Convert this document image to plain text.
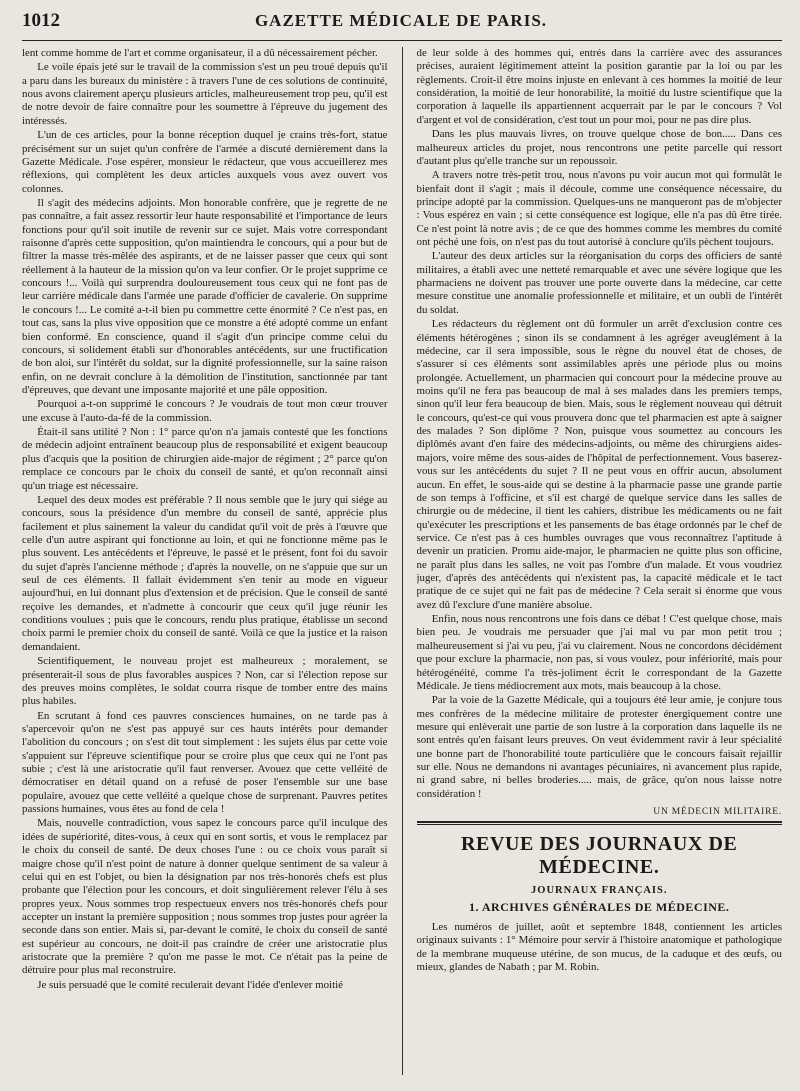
1012	GAZETTE MÉDICALE DE PARIS.

lent comme homme de l'art et comme organisateur, il a dû nécessairement pécher.

Le voile épais jeté sur le travail de la commission s'est un peu troué depuis qu'il a paru dans les bureaux du ministère : à travers l'une de ces solutions de continuité, nous avons clairement aperçu plusieurs articles, malheureusement trop peu, qu'il est de notre devoir de faire connaître pour les soumettre à l'épreuve du jugement des intéressés.

L'un de ces articles, pour la bonne réception duquel je crains très-fort, statue précisément sur un sujet qu'un confrère de l'armée a discuté dernièrement dans la Gazette Médicale. J'ose espérer, monsieur le rédacteur, que vous accueillerez mes réflexions, qui complètent les deux articles auxquels vous avez ouvert vos colonnes.

Il s'agit des médecins adjoints. Mon honorable confrère, que je regrette de ne pas connaître, a fait assez ressortir leur haute responsabilité et l'importance de leurs fonctions pour qu'il soit inutile de revenir sur ce sujet. Mais votre correspondant raisonne d'après cette supposition, qu'on maintiendra le concours, qui a pour but de filtrer la masse très-mêlée des aspirants, et de ne laisser passer que ceux qui sont réellement à la hauteur de la mission qu'on va leur confier. Or le projet supprime ce concours !... Voilà qui surprendra douloureusement tous ceux qui ne font pas de leur carrière médicale dans l'armée une parade d'officier de cavalerie. On supprime le concours !... Le comité a-t-il bien pu commettre cette énormité ? Ce n'est pas, en tout cas, sans la plus vive opposition que ce monstre a été adopté comme un enfant bien conformé. En conscience, quand il s'agit d'un principe comme celui du concours, si solidement établi sur d'honorables antécédents, sur une fructification de bon aloi, sur l'intérêt du soldat, sur la dignité professionnelle, sur la saine raison enfin, on ne devrait conclure à la démolition de l'institution, sanctionnée par tant d'épreuves, que devant une imposante majorité et une pâle opposition.

Pourquoi a-t-on supprimé le concours ? Je voudrais de tout mon cœur trouver une excuse à l'auto-da-fé de la commission.

Était-il sans utilité ? Non : 1° parce qu'on n'a jamais contesté que les fonctions de médecin adjoint entraînent beaucoup plus de responsabilité et exigent beaucoup plus d'acquis que la position de chirurgien aide-major de régiment ; 2° parce qu'on remplace ce concours par le choix du conseil de santé, et qu'on reconnaît ainsi qu'un triage est nécessaire.

Lequel des deux modes est préférable ? Il nous semble que le jury qui siége au concours, sous la présidence d'un membre du conseil de santé, apprécie plus facilement et plus sainement la valeur du candidat qu'il voit de près à l'œuvre que celle d'un autre aspirant qui fonctionne au loin, et qui ne fonctionne même pas le plus souvent. Les antécédents et l'épreuve, le passé et le présent, font foi du savoir du sujet d'après l'ancienne méthode ; d'après la nouvelle, on ne s'appuie que sur un seul de ces éléments. Il fallait évidemment s'en tenir au mode en vigueur aujourd'hui, en lui donnant plus d'extension et de précision. Que le conseil de santé reçoive les demandes, et n'admette à concourir que ceux qu'il juge réunir les conditions voulues ; puis que le concours, rendu plus pratique, établisse un second choix parmi le premier choix du conseil de santé. Voilà ce que la justice et la raison demandaient.

Scientifiquement, le nouveau projet est malheureux ; moralement, se présenterait-il sous de plus favorables auspices ? Non, car si l'élection repose sur des preuves moins complètes, le soldat courra risque de tomber entre des mains plus habiles.

En scrutant à fond ces pauvres consciences humaines, on ne tarde pas à s'apercevoir qu'on ne s'est pas appuyé sur ces hauts intérêts pour demander l'abolition du concours ; on s'est dit tout simplement : les sujets élus par cette voie s'appuient sur l'épreuve scientifique pour se croire plus que ceux qui ne l'ont pas subie ; c'est là une aristocratie qu'il faut renverser. Avouez que cette velléité de démocratiser en détail quand on a refusé de poser l'ensemble sur une base populaire, avouez que cette velléité a quelque chose de surprenant. Pauvres petites passions humaines, vous êtes au fond de cela !

Mais, nouvelle contradiction, vous sapez le concours parce qu'il inculque des idées de supériorité, dites-vous, à ceux qui en sont sortis, et vous le remplacez par le choix du conseil de santé. De deux choses l'une : ou ce choix vous paraît si maigre chose qu'il n'est point de nature à donner quelque sentiment de sa valeur à celui qui en est l'objet, ou bien la désignation par nos très-honorés chefs est plus probante que l'élection pour les concours, et doit singulièrement relever l'élu à ses propres yeux. Nous sommes trop respectueux envers nos très-honorés chefs pour accepter un instant la première supposition ; nous sommes trop justes pour agréer la seconde dans son entier. Mais si, par-devant le comité, le choix du conseil de santé est supérieur au concours, ne doit-il pas craindre de créer une aristocratie plus aristocrate que la première ? qu'on me passe le mot. Ce n'était pas la peine de détruire pour plus mal reconstruire.

Je suis persuadé que le comité reculerait devant l'idée d'enlever moitié

de leur solde à des hommes qui, entrés dans la carrière avec des assurances précises, auraient légitimement atteint la position garantie par la loi ou par les règlements. Croit-il être moins injuste en enlevant à ces hommes la moitié de leur considération, la moitié de leur honorabilité, la moitié du lustre scientifique que la corporation à laquelle ils appartiennent acquerrait par le par le concours ? Vol d'argent et vol de considération, c'est tout un pour moi, pour ne pas dire plus.

Dans les plus mauvais livres, on trouve quelque chose de bon..... Dans ces malheureux articles du projet, nous rencontrons une petite parcelle qui ressort d'autant plus qu'elle tranche sur un repoussoir.

A travers notre très-petit trou, nous n'avons pu voir aucun mot qui formulât le bienfait dont il s'agit ; mais il découle, comme une conséquence nécessaire, du principe adopté par la commission. Quelques-uns ne manqueront pas de m'objecter : Vous espérez en vain ; si cette conséquence est logique, elle n'a pas dû être tirée. Ce n'est point là notre avis ; de ce que des hommes comme les membres du comité ont péché une fois, on n'est pas du tout autorisé à conclure qu'ils pèchent toujours.

L'auteur des deux articles sur la réorganisation du corps des officiers de santé militaires, a établi avec une netteté remarquable et avec une sévère logique que les pharmaciens ne doivent pas trouver une porte ouverte dans la médecine, car cette mesure constitue une anomalie professionnelle et militaire, et un oubli de l'intérêt du soldat.

Les rédacteurs du règlement ont dû formuler un arrêt d'exclusion contre ces éléments hétérogènes ; sinon ils se condamnent à les agréger aveuglément à la médecine, car il sera impossible, sous le règne du nouvel état de choses, de s'assurer si ces éléments sont assimilables après une période plus ou moins prolongée. Actuellement, un pharmacien qui concourt pour la médecine prouve au moins qu'il ne fera pas beaucoup de mal à ses malades dans les premiers temps, sinon qu'il leur fera beaucoup de bien. Mais, sous le règlement nouveau qui détruit le concours, qu'est-ce qui vous prouvera donc que tel pharmacien est apte à saigner des malades ? Son diplôme ? Non, puisque vous soumettez au concours les diplômés avant d'en faire des médecins-adjoints, ou même des chirurgiens aides-majors, voire même des sous-aides de l'hôpital de perfectionnement. Vous baserez-vous sur les antécédents du sujet ? Il ne peut vous en offrir aucun, absolument aucun. En effet, le sous-aide qui se destine à la pharmacie passe une grande partie de son temps à l'officine, et s'il est chargé de quelque service dans les salles de chirurgie ou de médecine, il tient les cahiers, distribue les médicaments ou ne fait qu'exécuter les prescriptions et les pansements de bas étage ordonnés par le chef de service. Ce n'est pas à ces humbles ouvrages que vous reconnaîtrez l'aptitude à devenir un praticien. Promu aide-major, le pharmacien ne quitte plus son officine, ne paraît plus dans les salles, ne voit pas l'ombre d'un malade. Et vous voudriez juger, d'après des antécédents qui n'existent pas, la capacité médicale et le tact pratique de ce sujet qui ne fait pas de médecine ? Cela serait si énorme que vous avez dû l'exclure d'une manière absolue.

Enfin, nous nous rencontrons une fois dans ce débat ! C'est quelque chose, mais bien peu. Je voudrais me persuader que j'ai mal vu par mon petit trou ; malheureusement si j'ai vu peu, j'ai vu clairement. Nous ne concordons décidément que pour exclure la pharmacie, non pas, si vous voulez, pour infériorité, mais pour hétérogénéité, comme l'a très-joliment écrit le correspondant de la Gazette Médicale. Je tiens médiocrement aux mots, mais beaucoup à la chose.

Par la voie de la Gazette Médicale, qui a toujours été leur amie, je conjure tous mes confrères de la médecine militaire de protester énergiquement contre une mesure qui enlèverait une partie de son lustre à la corporation dans laquelle ils ne sont entrés qu'en faisant leurs preuves. On veut évidemment ravir à leur spécialité une bonne part de l'honorabilité toute particulière que le concours faisait rejaillir sur elle. Nous ne demandons ni avantages pécuniaires, ni avancement plus rapide, ni grand sabre, ni belles broderies..... mais, de grâce, qu'on nous laisse notre considération !

UN MÉDECIN MILITAIRE.
REVUE DES JOURNAUX DE MÉDECINE.
JOURNAUX FRANÇAIS.
1. ARCHIVES GÉNÉRALES DE MÉDECINE.

Les numéros de juillet, août et septembre 1848, contiennent les articles originaux suivants : 1° Mémoire pour servir à l'histoire anatomique et pathologique de la membrane muqueuse utérine, de son mucus, de la caduque et des œufs, ou mieux, glandes de Nabath ; par M. Robin.
